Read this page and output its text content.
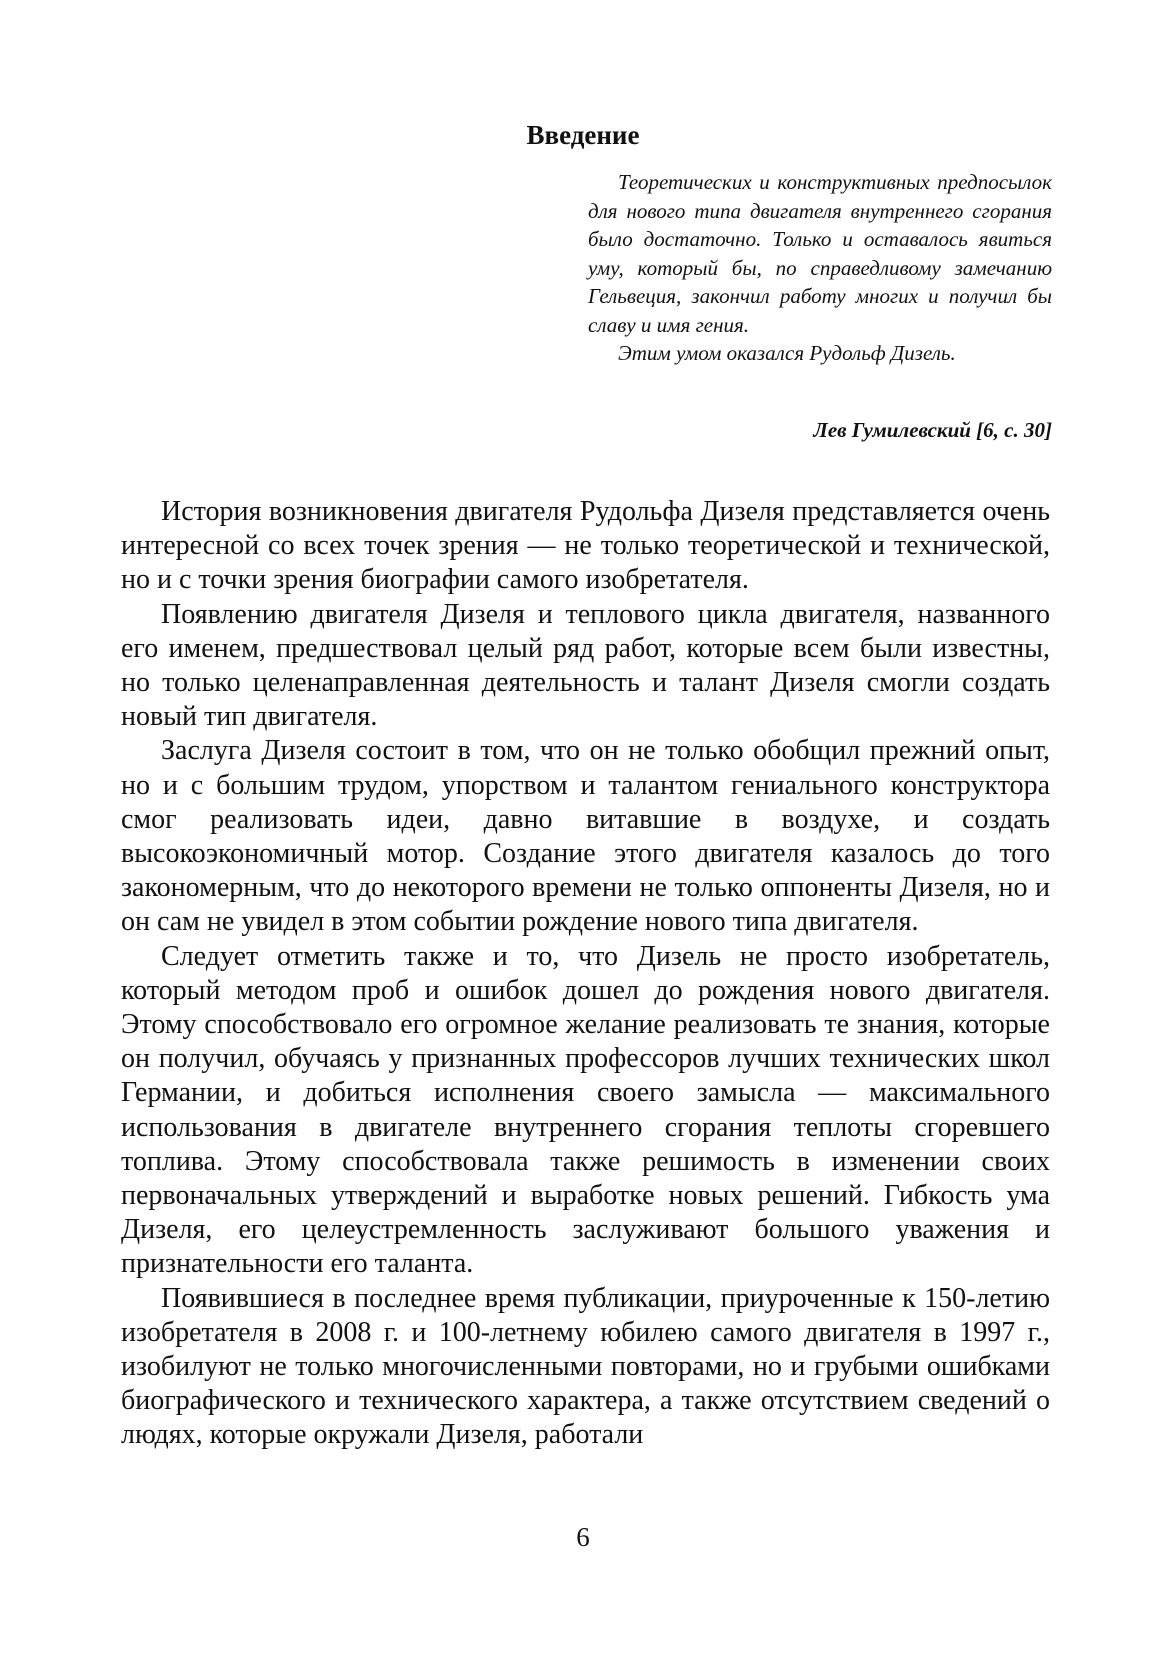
Введение

Теоретических и конструктивных предпосылок для нового типа двигателя внутреннего сгорания было достаточно. Только и оставалось явиться уму, который бы, по справедливому замечанию Гельвеция, закончил работу многих и получил бы славу и имя гения.

Этим умом оказался Рудольф Дизель.

Лев Гумилевский [6, с. 30]

История возникновения двигателя Рудольфа Дизеля представляется очень интересной со всех точек зрения — не только теоретической и технической, но и с точки зрения биографии самого изобретателя.

Появлению двигателя Дизеля и теплового цикла двигателя, названного его именем, предшествовал целый ряд работ, которые всем были известны, но только целенаправленная деятельность и талант Дизеля смогли создать новый тип двигателя.

Заслуга Дизеля состоит в том, что он не только обобщил прежний опыт, но и с большим трудом, упорством и талантом гениального конструктора смог реализовать идеи, давно витавшие в воздухе, и создать высокоэкономичный мотор. Создание этого двигателя казалось до того закономерным, что до некоторого времени не только оппоненты Дизеля, но и он сам не увидел в этом событии рождение нового типа двигателя.

Следует отметить также и то, что Дизель не просто изобретатель, который методом проб и ошибок дошел до рождения нового двигателя. Этому способствовало его огромное желание реализовать те знания, которые он получил, обучаясь у признанных профессоров лучших технических школ Германии, и добиться исполнения своего замысла — максимального использования в двигателе внутреннего сгорания теплоты сгоревшего топлива. Этому способствовала также решимость в изменении своих первоначальных утверждений и выработке новых решений. Гибкость ума Дизеля, его целеустремленность заслуживают большого уважения и признательности его таланта.

Появившиеся в последнее время публикации, приуроченные к 150-летию изобретателя в 2008 г. и 100-летнему юбилею самого двигателя в 1997 г., изобилуют не только многочисленными повторами, но и грубыми ошибками биографического и технического характера, а также отсутствием сведений о людях, которые окружали Дизеля, работали

6
